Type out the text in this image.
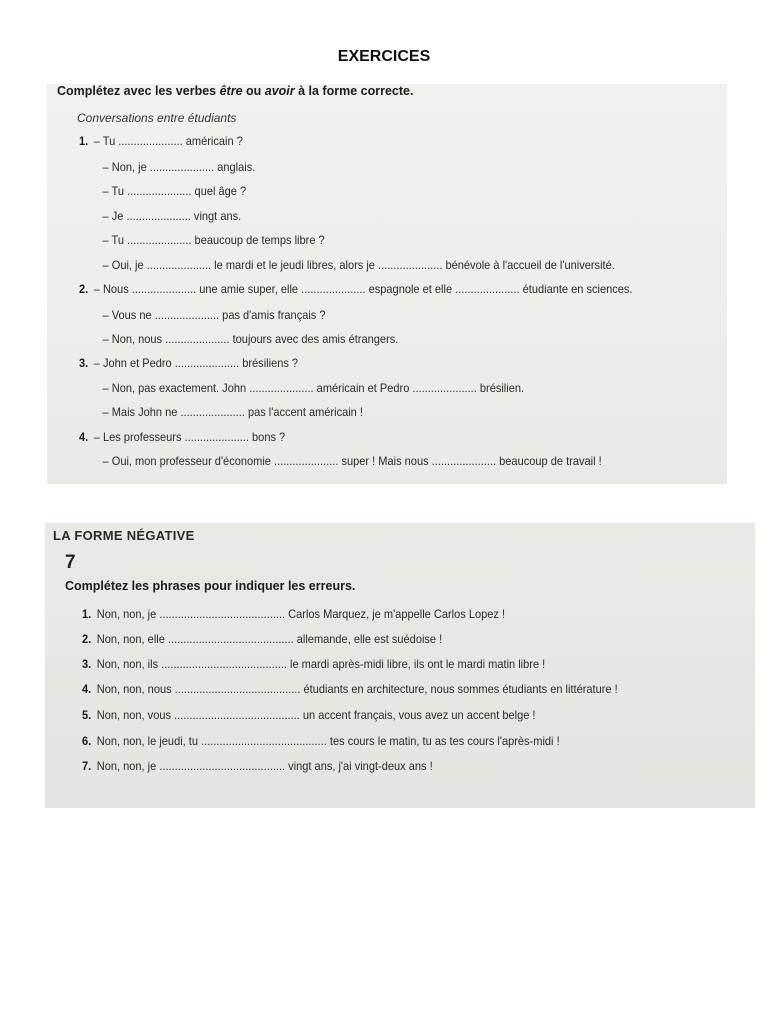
EXERCICES
Complétez avec les verbes être ou avoir à la forme correcte.
Conversations entre étudiants
1. – Tu ..................... américain ?
– Non, je ..................... anglais.
– Tu ..................... quel âge ?
– Je ..................... vingt ans.
– Tu ..................... beaucoup de temps libre ?
– Oui, je ..................... le mardi et le jeudi libres, alors je ..................... bénévole à l'accueil de l'université.
2. – Nous ..................... une amie super, elle ..................... espagnole et elle ..................... étudiante en sciences.
– Vous ne ..................... pas d'amis français ?
– Non, nous ..................... toujours avec des amis étrangers.
3. – John et Pedro ..................... brésiliens ?
– Non, pas exactement. John ..................... américain et Pedro ..................... brésilien.
– Mais John ne ..................... pas l'accent américain !
4. – Les professeurs ..................... bons ?
– Oui, mon professeur d'économie ..................... super ! Mais nous ..................... beaucoup de travail !
LA FORME NÉGATIVE
7
Complétez les phrases pour indiquer les erreurs.
1. Non, non, je ......................................... Carlos Marquez, je m'appelle Carlos Lopez !
2. Non, non, elle ......................................... allemande, elle est suédoise !
3. Non, non, ils ......................................... le mardi après-midi libre, ils ont le mardi matin libre !
4. Non, non, nous ......................................... étudiants en architecture, nous sommes étudiants en littérature !
5. Non, non, vous ......................................... un accent français, vous avez un accent belge !
6. Non, non, le jeudi, tu ......................................... tes cours le matin, tu as tes cours l'après-midi !
7. Non, non, je ......................................... vingt ans, j'ai vingt-deux ans !
